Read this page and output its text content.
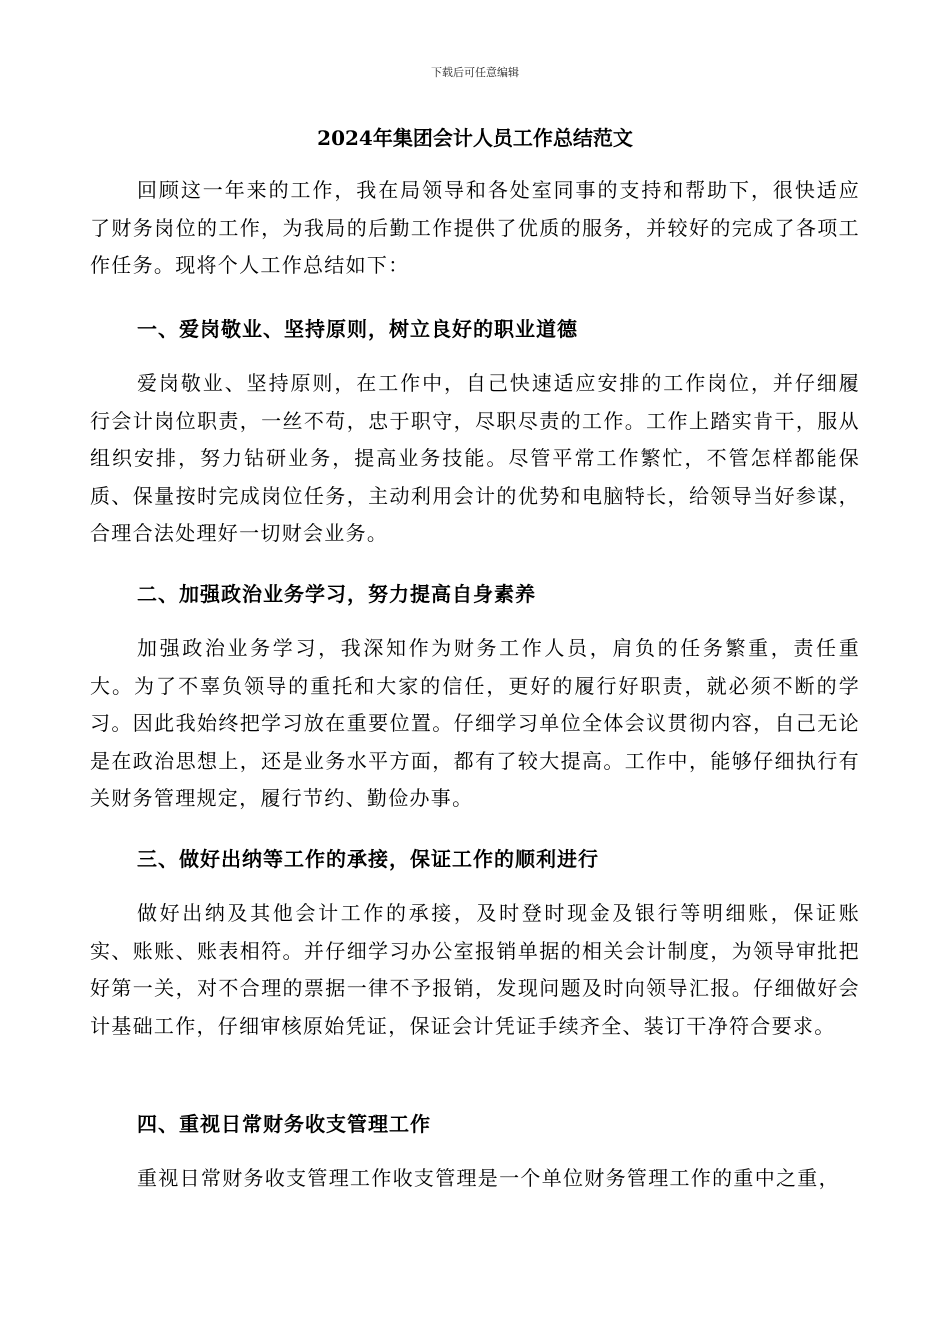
下载后可任意编辑
2024年集团会计人员工作总结范文

回顾这一年来的工作，我在局领导和各处室同事的支持和帮助下，很快适应了财务岗位的工作，为我局的后勤工作提供了优质的服务，并较好的完成了各项工作任务。现将个人工作总结如下：

一、爱岗敬业、坚持原则，树立良好的职业道德

爱岗敬业、坚持原则，在工作中，自己快速适应安排的工作岗位，并仔细履行会计岗位职责，一丝不苟，忠于职守，尽职尽责的工作。工作上踏实肯干，服从组织安排，努力钻研业务，提高业务技能。尽管平常工作繁忙，不管怎样都能保质、保量按时完成岗位任务，主动利用会计的优势和电脑特长，给领导当好参谋，合理合法处理好一切财会业务。

二、加强政治业务学习，努力提高自身素养

加强政治业务学习，我深知作为财务工作人员，肩负的任务繁重，责任重大。为了不辜负领导的重托和大家的信任，更好的履行好职责，就必须不断的学习。因此我始终把学习放在重要位置。仔细学习单位全体会议贯彻内容，自己无论是在政治思想上，还是业务水平方面，都有了较大提高。工作中，能够仔细执行有关财务管理规定，履行节约、勤俭办事。

三、做好出纳等工作的承接，保证工作的顺利进行

做好出纳及其他会计工作的承接，及时登时现金及银行等明细账，保证账实、账账、账表相符。并仔细学习办公室报销单据的相关会计制度，为领导审批把好第一关，对不合理的票据一律不予报销，发现问题及时向领导汇报。仔细做好会计基础工作，仔细审核原始凭证，保证会计凭证手续齐全、装订干净符合要求。

四、重视日常财务收支管理工作

重视日常财务收支管理工作收支管理是一个单位财务管理工作的重中之重，
